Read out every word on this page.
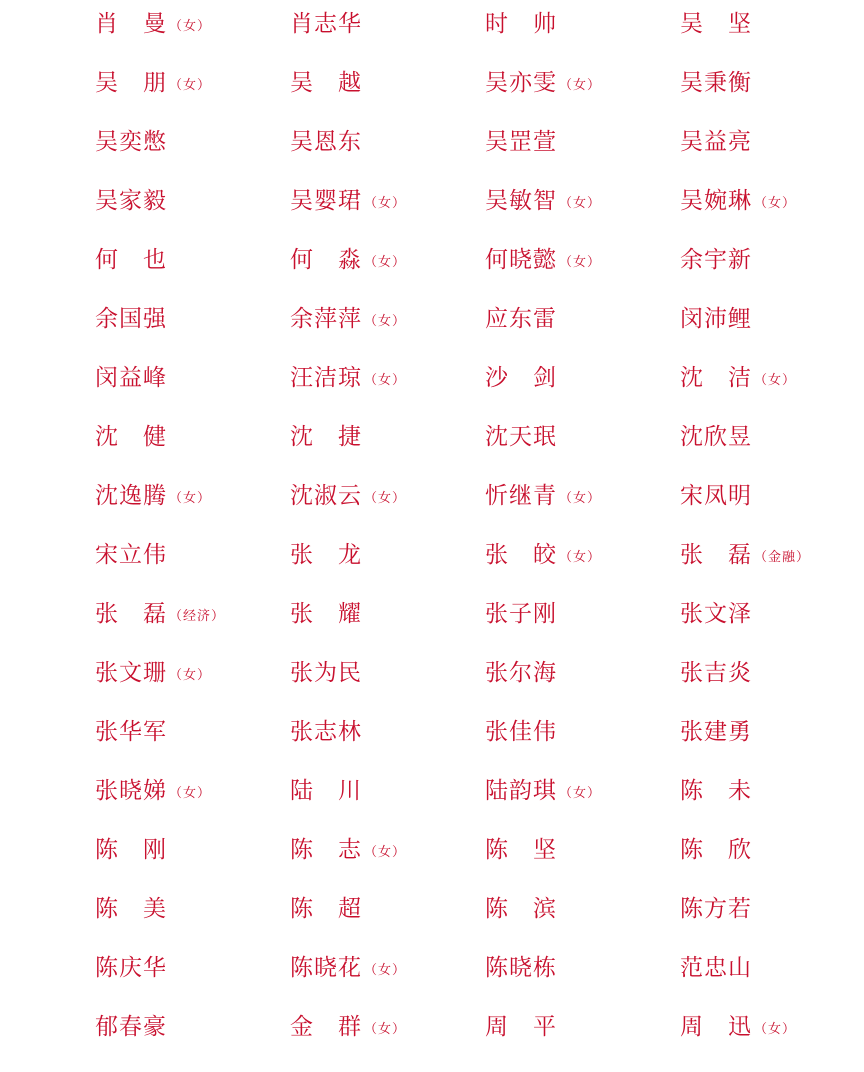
肖　曼 （女）	肖志华	时　帅	吴　坚
吴　朋 （女）	吴　越	吴亦雯 （女）	吴秉衡
吴奕憋	吴恩东	吴罡萱	吴益亮
吴家毅	吴婴珺 （女）	吴敏智 （女）	吴婉琳 （女）
何　也	何　淼 （女）	何晓懿 （女）	余宇新
余国强	余萍萍 （女）	应东雷	闵沛鲤
闵益峰	汪洁琼 （女）	沙　剑	沈　洁 （女）
沈　健	沈　捷	沈天珉	沈欣昱
沈逸腾 （女）	沈淑云 （女）	忻继青 （女）	宋凤明
宋立伟	张　龙	张　皎 （女）	张　磊 （金融）
张　磊 （经济）	张　耀	张子刚	张文泽
张文珊 （女）	张为民	张尔海	张吉炎
张华军	张志林	张佳伟	张建勇
张晓娣 （女）	陆　川	陆韵琪 （女）	陈　未
陈　刚	陈　志 （女）	陈　坚	陈　欣
陈　美	陈　超	陈　滨	陈方若
陈庆华	陈晓花 （女）	陈晓栋	范忠山
郁春豪	金　群 （女）	周　平	周　迅 （女）
